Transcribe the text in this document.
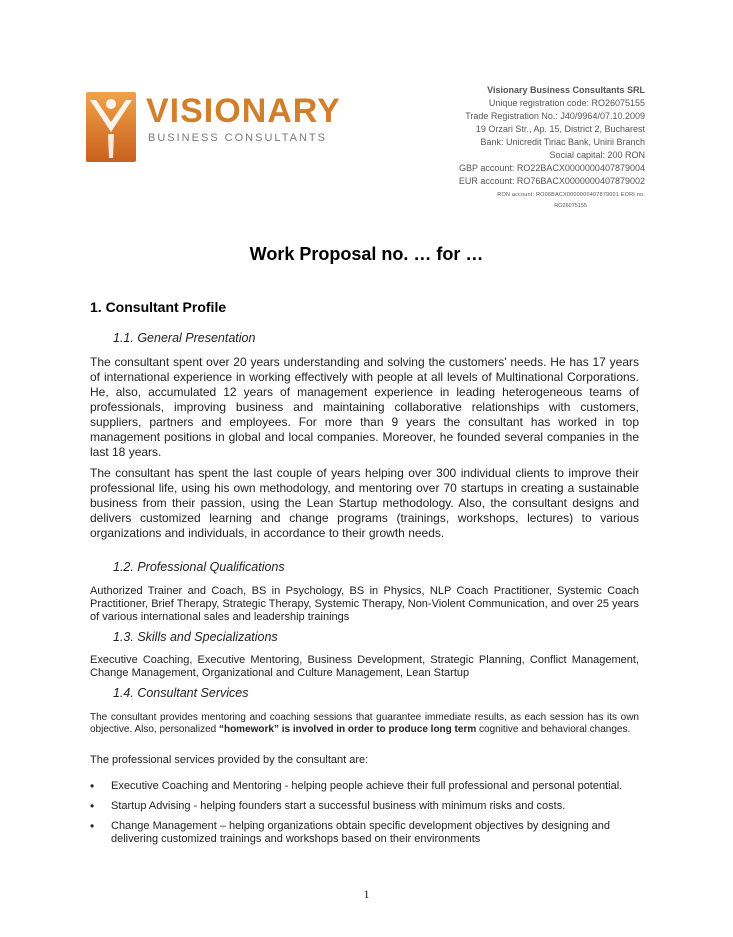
VISIONARY
BUSINESS CONSULTANTS
Visionary Business Consultants SRL
Unique registration code: RO26075155
Trade Registration No.: J40/9964/07.10.2009
19 Orzari Str., Ap. 15, District 2, Bucharest
Bank: Unicredit Tiriac Bank, Unirii Branch
Social capital: 200 RON
GBP account: RO22BACX0000000407879004
EUR account: RO76BACX0000000407879002
RON account: RO06BACX0000000407879001 EORI no.
RO26075155
Work Proposal no. … for …
1. Consultant Profile
1.1. General Presentation
The consultant spent over 20 years understanding and solving the customers' needs. He has 17 years of international experience in working effectively with people at all levels of Multinational Corporations. He, also, accumulated 12 years of management experience in leading heterogeneous teams of professionals, improving business and maintaining collaborative relationships with customers, suppliers, partners and employees. For more than 9 years the consultant has worked in top management positions in global and local companies. Moreover, he founded several companies in the last 18 years.
The consultant has spent the last couple of years helping over 300 individual clients to improve their professional life, using his own methodology, and mentoring over 70 startups in creating a sustainable business from their passion, using the Lean Startup methodology. Also, the consultant designs and delivers customized learning and change programs (trainings, workshops, lectures) to various organizations and individuals, in accordance to their growth needs.
1.2. Professional Qualifications
Authorized Trainer and Coach, BS in Psychology, BS in Physics, NLP Coach Practitioner, Systemic Coach Practitioner, Brief Therapy, Strategic Therapy, Systemic Therapy, Non-Violent Communication, and over 25 years of various international sales and leadership trainings
1.3. Skills and Specializations
Executive Coaching, Executive Mentoring, Business Development, Strategic Planning, Conflict Management, Change Management, Organizational and Culture Management, Lean Startup
1.4. Consultant Services
The consultant provides mentoring and coaching sessions that guarantee immediate results, as each session has its own objective. Also, personalized “homework” is involved in order to produce long term cognitive and behavioral changes.
The professional services provided by the consultant are:
• Executive Coaching and Mentoring - helping people achieve their full professional and personal potential.
• Startup Advising - helping founders start a successful business with minimum risks and costs.
• Change Management – helping organizations obtain specific development objectives by designing and delivering customized trainings and workshops based on their environments
1
